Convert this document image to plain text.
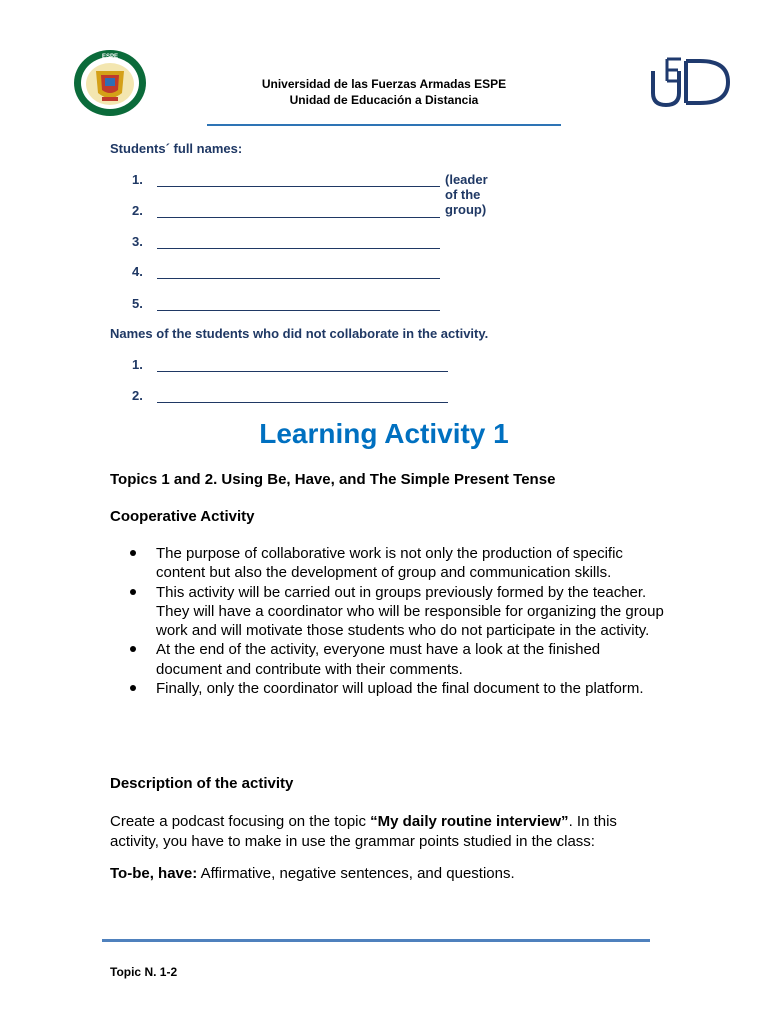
ESPE
Universidad de las Fuerzas Armadas ESPE
Unidad de Educación a Distancia
Students´ full names:
1.	(leader of the group)
2.
3.
4.
5.
Names of the students who did not collaborate in the activity.
1.
2.
Learning Activity 1
Topics 1 and 2. Using Be, Have, and The Simple Present Tense
Cooperative Activity
The purpose of collaborative work is not only the production of specific content but also the development of group and communication skills.
This activity will be carried out in groups previously formed by the teacher. They will have a coordinator who will be responsible for organizing the group work and will motivate those students who do not participate in the activity.
At the end of the activity, everyone must have a look at the finished document and contribute with their comments.
Finally, only the coordinator will upload the final document to the platform.
Description of the activity
Create a podcast focusing on the topic “My daily routine interview”. In this activity, you have to make in use the grammar points studied in the class:
To-be, have: Affirmative, negative sentences, and questions.
Topic N. 1-2
